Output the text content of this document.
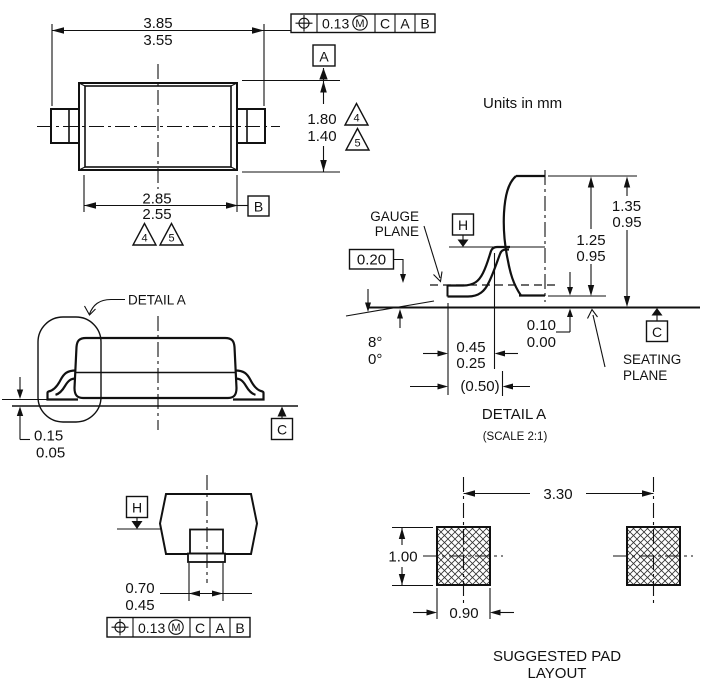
3.85
3.55
0.13 M C A B
A
1.80
1.40
4
5
2.85
2.55	B
4 5
Units in mm
DETAIL A
0.15
0.05
C
8°
0°
GAUGE
PLANE	H
0.20
1.35
0.95
1.25
0.95
0.10
0.00
0.45
0.25
(0.50)
SEATING
PLANE
C
DETAIL A
(SCALE 2:1)
H
0.70
0.45
0.13 M C A B
3.30
1.00
0.90
SUGGESTED PAD
LAYOUT
